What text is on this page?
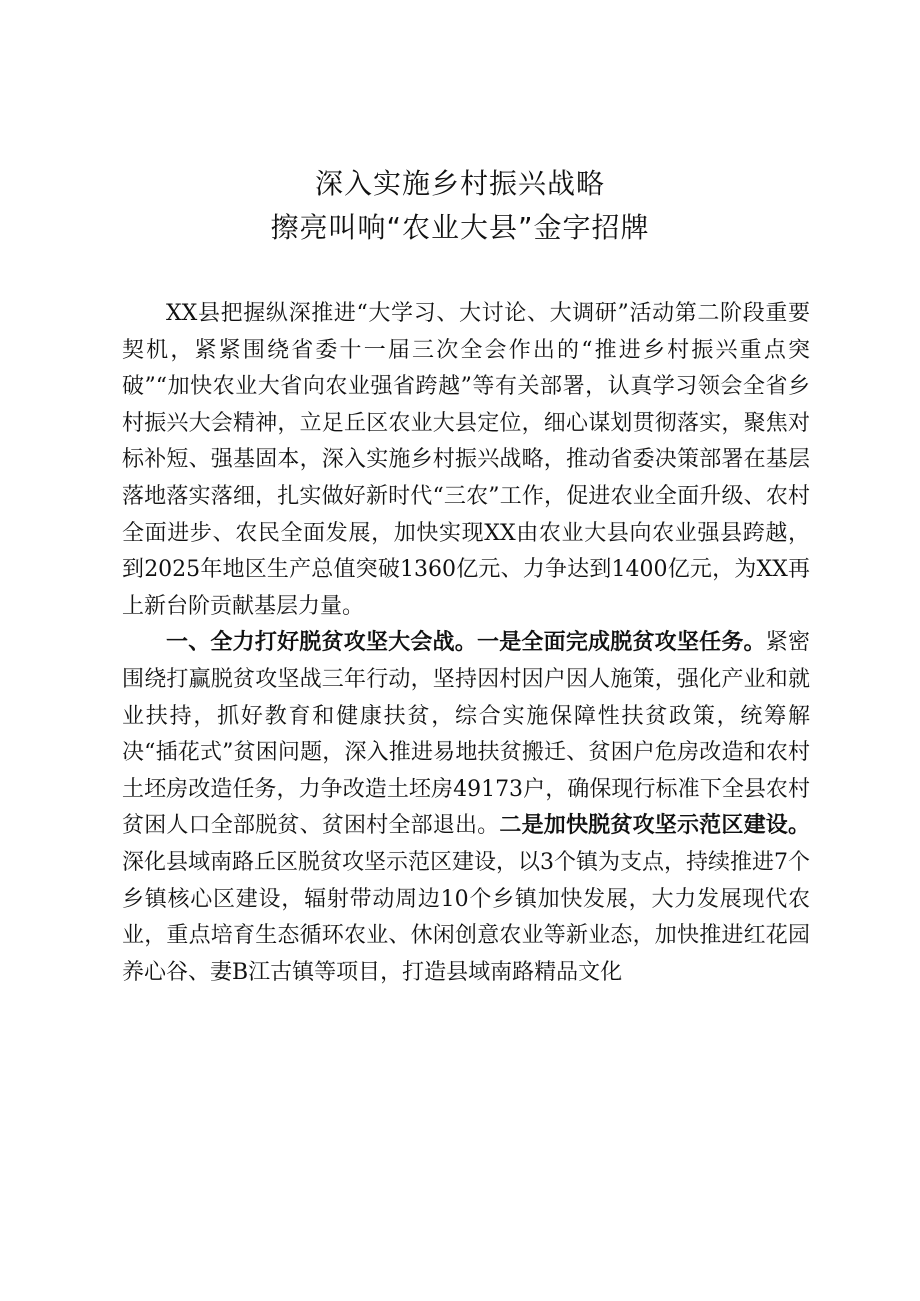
深入实施乡村振兴战略
擦亮叫响“农业大县”金字招牌

XX县把握纵深推进“大学习、大讨论、大调研”活动第二阶段重要契机，紧紧围绕省委十一届三次全会作出的“推进乡村振兴重点突破”“加快农业大省向农业强省跨越”等有关部署，认真学习领会全省乡村振兴大会精神，立足丘区农业大县定位，细心谋划贯彻落实，聚焦对标补短、强基固本，深入实施乡村振兴战略，推动省委决策部署在基层落地落实落细，扎实做好新时代“三农”工作，促进农业全面升级、农村全面进步、农民全面发展，加快实现XX由农业大县向农业强县跨越，到2025年地区生产总值突破1360亿元、力争达到1400亿元，为XX再上新台阶贡献基层力量。

一、全力打好脱贫攻坚大会战。一是全面完成脱贫攻坚任务。紧密围绕打赢脱贫攻坚战三年行动，坚持因村因户因人施策，强化产业和就业扶持，抓好教育和健康扶贫，综合实施保障性扶贫政策，统筹解决“插花式”贫困问题，深入推进易地扶贫搬迁、贫困户危房改造和农村土坯房改造任务，力争改造土坯房49173户，确保现行标准下全县农村贫困人口全部脱贫、贫困村全部退出。二是加快脱贫攻坚示范区建设。深化县域南路丘区脱贫攻坚示范区建设，以3个镇为支点，持续推进7个乡镇核心区建设，辐射带动周边10个乡镇加快发展，大力发展现代农业，重点培育生态循环农业、休闲创意农业等新业态，加快推进红花园养心谷、妻B江古镇等项目，打造县域南路精品文化
